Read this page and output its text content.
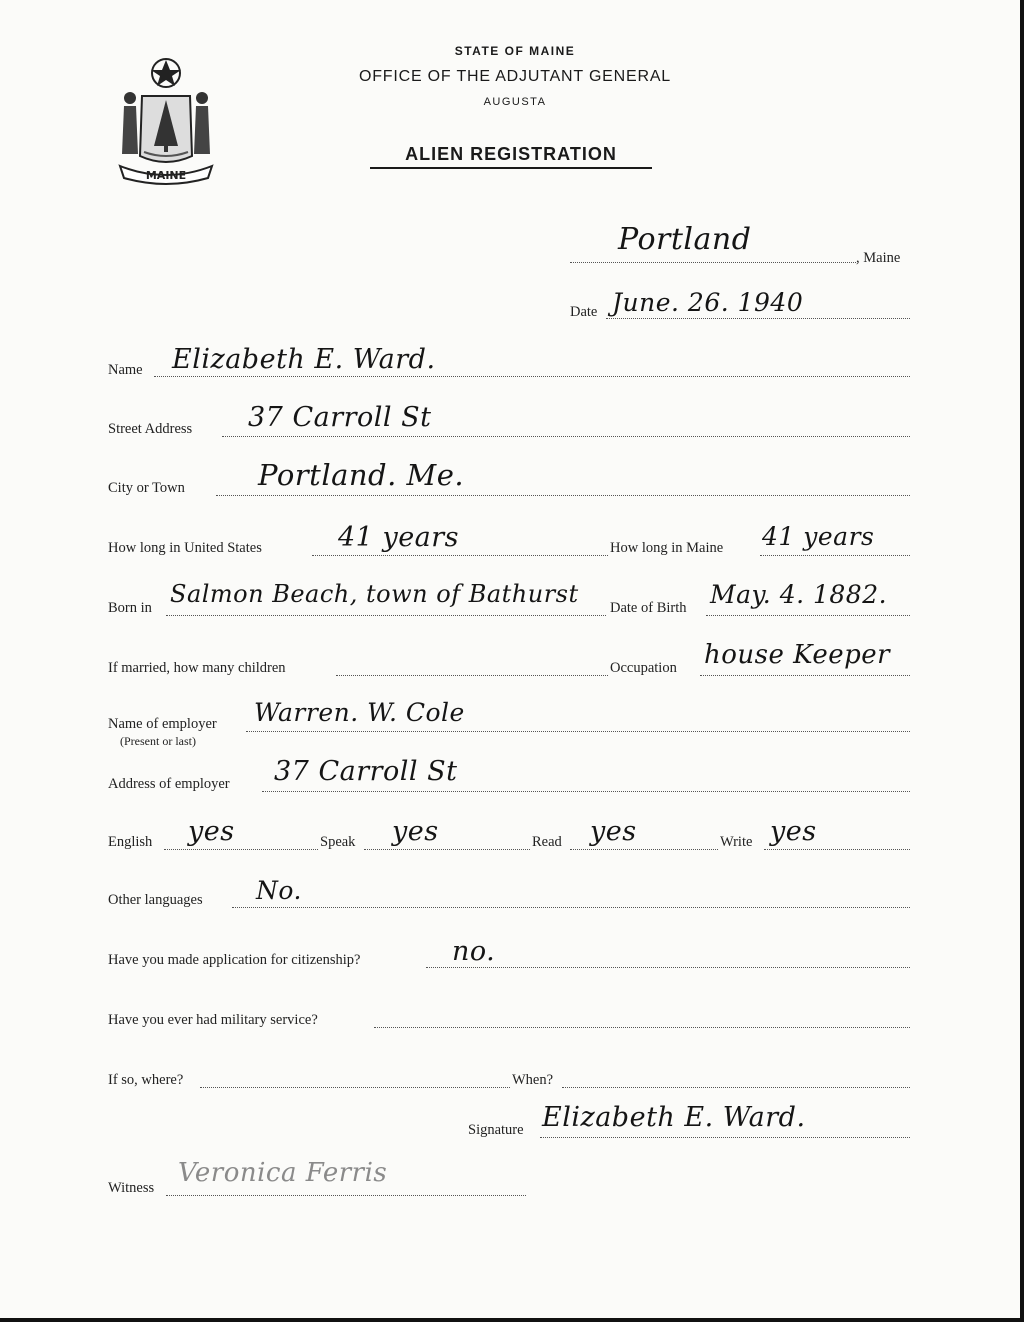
MAINE
STATE OF MAINE
OFFICE OF THE ADJUTANT GENERAL
AUGUSTA
ALIEN REGISTRATION
Portland
, Maine
Date June. 26. 1940
Name Elizabeth E. Ward.
Street Address 37 Carroll St
City or Town	Portland. Me.
How long in United States	41 years	How long in Maine 41 years
Born in Salmon Beach, town of Bathurst Date of Birth May. 4. 1882.
If married, how many children	Occupation house Keeper
Name of employer
(Present or last)
Warren. W. Cole
Address of employer 37 Carroll St
English yes	Speak yes	Read yes	Write yes
Other languages No.
Have you made application for citizenship?	no.
Have you ever had military service?
If so, where?	When?
Signature Elizabeth E. Ward.
Witness Veronica Ferris
